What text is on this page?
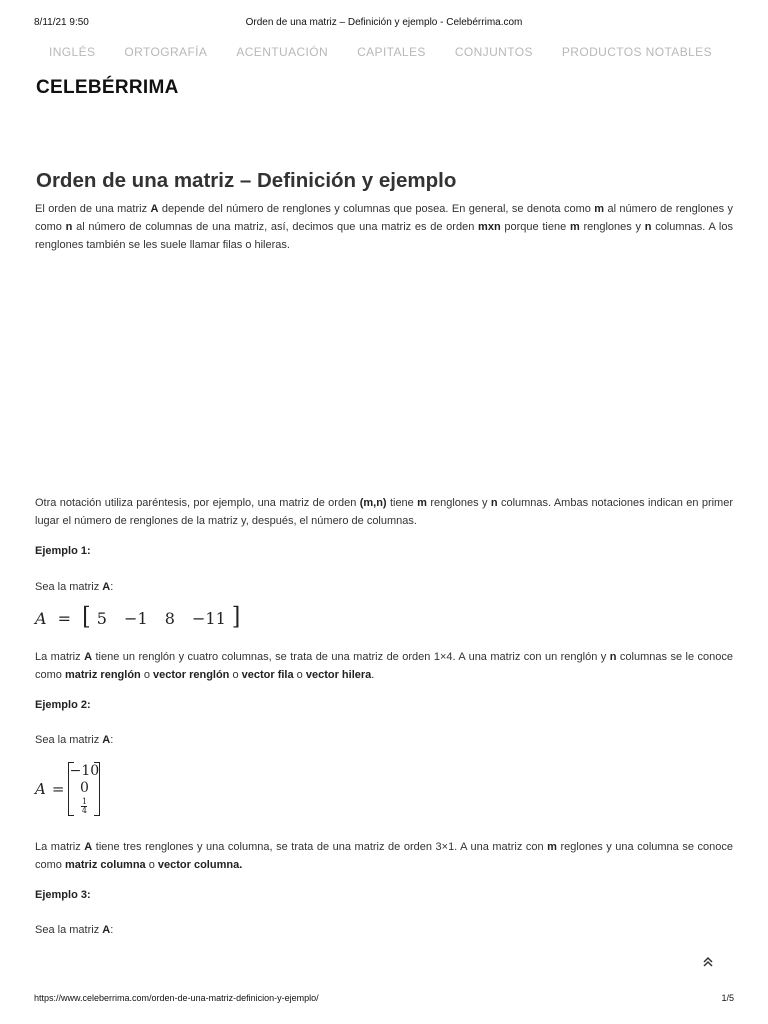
8/11/21 9:50	Orden de una matriz – Definición y ejemplo - Celebérrima.com
INGLÉS ORTOGRAFÍA ACENTUACIÓN CAPITALES CONJUNTOS PRODUCTOS NOTABLES
CELEBÉRRIMA
Orden de una matriz – Definición y ejemplo

El orden de una matriz A depende del número de renglones y columnas que posea. En general, se denota como m al número de renglones y como n al número de columnas de una matriz, así, decimos que una matriz es de orden mxn porque tiene m renglones y n columnas. A los renglones también se les suele llamar filas o hileras.

Otra notación utiliza paréntesis, por ejemplo, una matriz de orden (m,n) tiene m renglones y n columnas. Ambas notaciones indican en primer lugar el número de renglones de la matriz y, después, el número de columnas.

Ejemplo 1:

Sea la matriz A:

A = [ 5 −1 8 −11 ]

La matriz A tiene un renglón y cuatro columnas, se trata de una matriz de orden 1×4. A una matriz con un renglón y n columnas se le conoce como matriz renglón o vector renglón o vector fila o vector hilera.

Ejemplo 2:

Sea la matriz A:

A =
−10
0
$\frac{1}{4}$

La matriz A tiene tres renglones y una columna, se trata de una matriz de orden 3×1. A una matriz con m reglones y una columna se conoce como matriz columna o vector columna.

Ejemplo 3:

Sea la matriz A:

https://www.celeberrima.com/orden-de-una-matriz-definicion-y-ejemplo/	1/5
